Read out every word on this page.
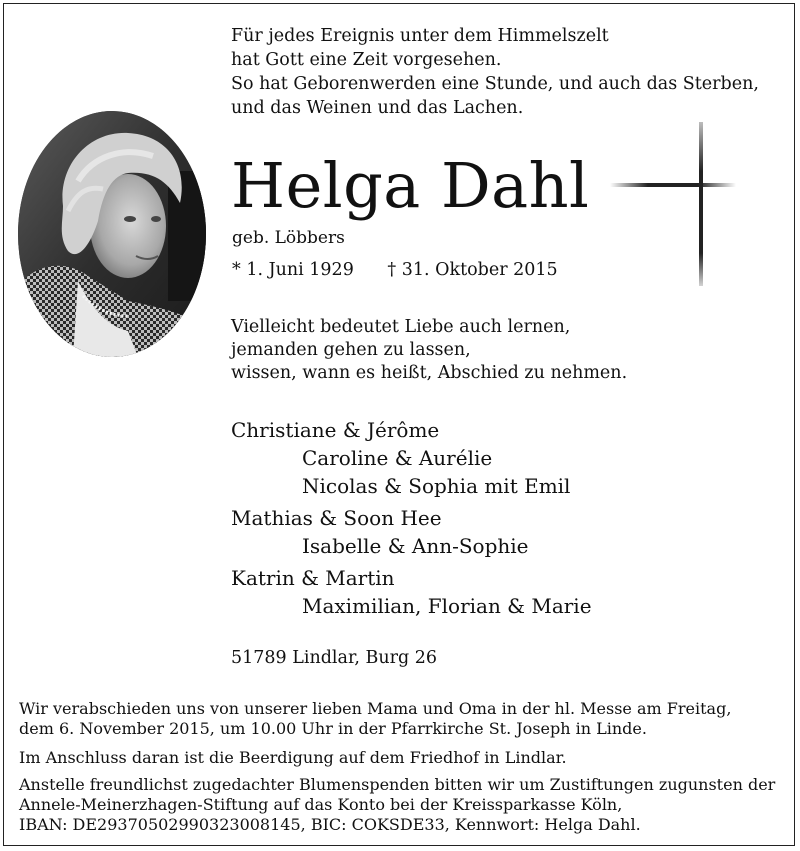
Für jedes Ereignis unter dem Himmelszelt
hat Gott eine Zeit vorgesehen.
So hat Geborenwerden eine Stunde, und auch das Sterben,
und das Weinen und das Lachen.
Helga Dahl
geb. Löbbers
* 1. Juni 1929 † 31. Oktober 2015
Vielleicht bedeutet Liebe auch lernen,
jemanden gehen zu lassen,
wissen, wann es heißt, Abschied zu nehmen.
Christiane & Jérôme
Caroline & Aurélie
Nicolas & Sophia mit Emil
Mathias & Soon Hee
Isabelle & Ann-Sophie
Katrin & Martin
Maximilian, Florian & Marie
51789 Lindlar, Burg 26
Wir verabschieden uns von unserer lieben Mama und Oma in der hl. Messe am Freitag,
dem 6. November 2015, um 10.00 Uhr in der Pfarrkirche St. Joseph in Linde.
Im Anschluss daran ist die Beerdigung auf dem Friedhof in Lindlar.
Anstelle freundlichst zugedachter Blumenspenden bitten wir um Zustiftungen zugunsten der
Annele-Meinerzhagen-Stiftung auf das Konto bei der Kreissparkasse Köln,
IBAN: DE29370502990323008145, BIC: COKSDE33, Kennwort: Helga Dahl.
